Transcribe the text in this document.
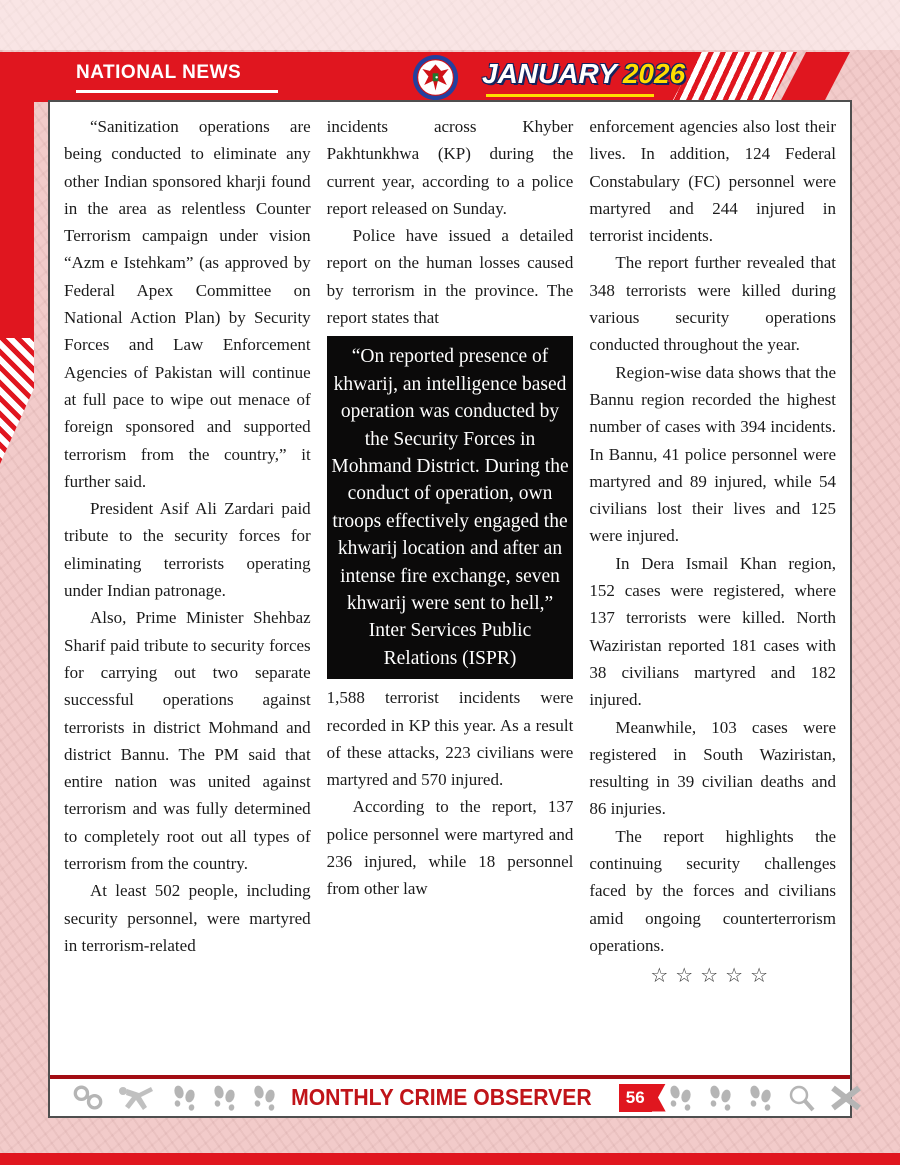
NATIONAL NEWS	JANUARY 2026

“Sanitization operations are being conducted to eliminate any other Indian sponsored kharji found in the area as relentless Counter Terrorism campaign under vision “Azm e Istehkam” (as approved by Federal Apex Committee on National Action Plan) by Security Forces and Law Enforcement Agencies of Pakistan will continue at full pace to wipe out menace of foreign sponsored and supported terrorism from the country,” it further said.

President Asif Ali Zardari paid tribute to the security forces for eliminating terrorists operating under Indian patronage.

Also, Prime Minister Shehbaz Sharif paid tribute to security forces for carrying out two separate successful operations against terrorists in district Mohmand and district Bannu. The PM said that entire nation was united against terrorism and was fully determined to completely root out all types of terrorism from the country.

At least 502 people, including security personnel, were martyred in terrorism-related

incidents across Khyber Pakhtunkhwa (KP) during the current year, according to a police report released on Sunday.

Police have issued a detailed report on the human losses caused by terrorism in the province. The report states that

“On reported presence of khwarij, an intelligence based operation was conducted by the Security Forces in Mohmand District. During the conduct of operation, own troops effectively engaged the khwarij location and after an intense fire exchange, seven khwarij were sent to hell,” Inter Services Public Relations (ISPR)

1,588 terrorist incidents were recorded in KP this year. As a result of these attacks, 223 civilians were martyred and 570 injured.

According to the report, 137 police personnel were martyred and 236 injured, while 18 personnel from other law

enforcement agencies also lost their lives. In addition, 124 Federal Constabulary (FC) personnel were martyred and 244 injured in terrorist incidents.

The report further revealed that 348 terrorists were killed during various security operations conducted throughout the year.

Region-wise data shows that the Bannu region recorded the highest number of cases with 394 incidents. In Bannu, 41 police personnel were martyred and 89 injured, while 54 civilians lost their lives and 125 were injured.

In Dera Ismail Khan region, 152 cases were registered, where 137 terrorists were killed. North Waziristan reported 181 cases with 38 civilians martyred and 182 injured.

Meanwhile, 103 cases were registered in South Waziristan, resulting in 39 civilian deaths and 86 injuries.

The report highlights the continuing security challenges faced by the forces and civilians amid ongoing counterterrorism operations.

☆☆☆☆☆
MONTHLY CRIME OBSERVER	56
